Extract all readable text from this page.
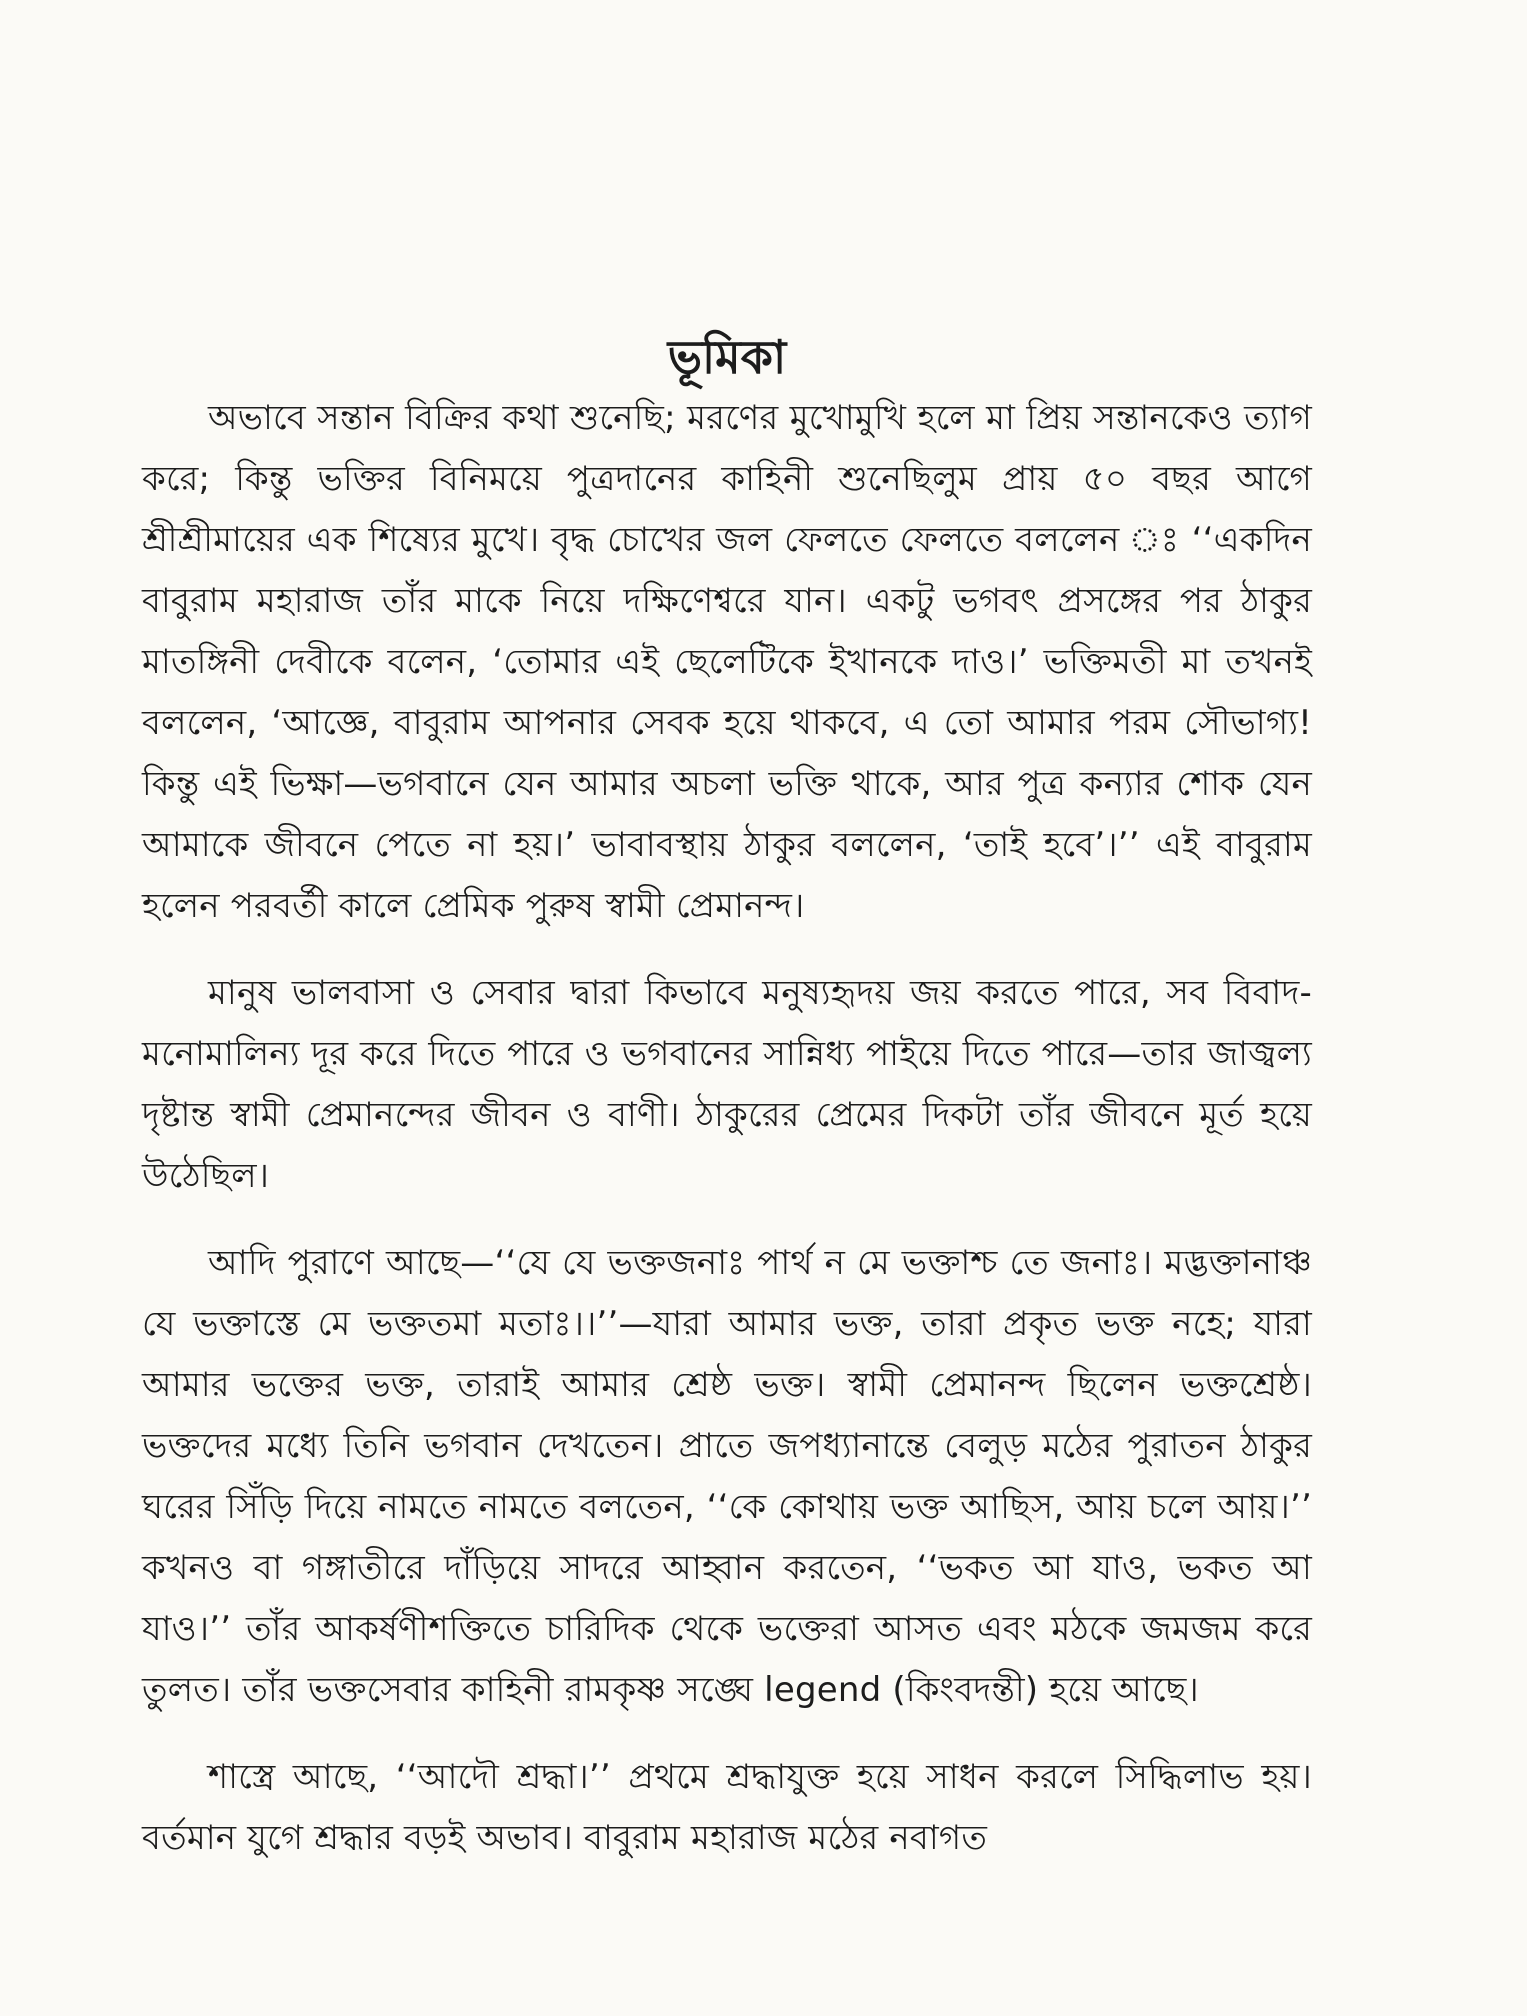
ভূমিকা

অভাবে সন্তান বিক্রির কথা শুনেছি; মরণের মুখোমুখি হলে মা প্রিয় সন্তানকেও ত্যাগ করে; কিন্তু ভক্তির বিনিময়ে পুত্রদানের কাহিনী শুনেছিলুম প্রায় ৫০ বছর আগে শ্রীশ্রীমায়ের এক শিষ্যের মুখে। বৃদ্ধ চোখের জল ফেলতে ফেলতে বললেন ঃ ‘‘একদিন বাবুরাম মহারাজ তাঁর মাকে নিয়ে দক্ষিণেশ্বরে যান। একটু ভগবৎ প্রসঙ্গের পর ঠাকুর মাতঙ্গিনী দেবীকে বলেন, ‘তোমার এই ছেলেটিকে ইখানকে দাও।’ ভক্তিমতী মা তখনই বললেন, ‘আজ্ঞে, বাবুরাম আপনার সেবক হয়ে থাকবে, এ তো আমার পরম সৌভাগ্য! কিন্তু এই ভিক্ষা—ভগবানে যেন আমার অচলা ভক্তি থাকে, আর পুত্র কন্যার শোক যেন আমাকে জীবনে পেতে না হয়।’ ভাবাবস্থায় ঠাকুর বললেন, ‘তাই হবে’।’’ এই বাবুরাম হলেন পরবর্তী কালে প্রেমিক পুরুষ স্বামী প্রেমানন্দ।

মানুষ ভালবাসা ও সেবার দ্বারা কিভাবে মনুষ্যহৃদয় জয় করতে পারে, সব বিবাদ-মনোমালিন্য দূর করে দিতে পারে ও ভগবানের সান্নিধ্য পাইয়ে দিতে পারে—তার জাজ্বল্য দৃষ্টান্ত স্বামী প্রেমানন্দের জীবন ও বাণী। ঠাকুরের প্রেমের দিকটা তাঁর জীবনে মূর্ত হয়ে উঠেছিল।

আদি পুরাণে আছে—‘‘যে যে ভক্তজনাঃ পার্থ ন মে ভক্তাশ্চ তে জনাঃ। মদ্ভক্তানাঞ্চ যে ভক্তাস্তে মে ভক্ততমা মতাঃ।।’’—যারা আমার ভক্ত, তারা প্রকৃত ভক্ত নহে; যারা আমার ভক্তের ভক্ত, তারাই আমার শ্রেষ্ঠ ভক্ত। স্বামী প্রেমানন্দ ছিলেন ভক্তশ্রেষ্ঠ। ভক্তদের মধ্যে তিনি ভগবান দেখতেন। প্রাতে জপধ্যানান্তে বেলুড় মঠের পুরাতন ঠাকুর ঘরের সিঁড়ি দিয়ে নামতে নামতে বলতেন, ‘‘কে কোথায় ভক্ত আছিস, আয় চলে আয়।’’ কখনও বা গঙ্গাতীরে দাঁড়িয়ে সাদরে আহ্বান করতেন, ‘‘ভকত আ যাও, ভকত আ যাও।’’ তাঁর আকর্ষণীশক্তিতে চারিদিক থেকে ভক্তেরা আসত এবং মঠকে জমজম করে তুলত। তাঁর ভক্তসেবার কাহিনী রামকৃষ্ণ সঙ্ঘে legend (কিংবদন্তী) হয়ে আছে।

শাস্ত্রে আছে, ‘‘আদৌ শ্রদ্ধা।’’ প্রথমে শ্রদ্ধাযুক্ত হয়ে সাধন করলে সিদ্ধিলাভ হয়। বর্তমান যুগে শ্রদ্ধার বড়ই অভাব। বাবুরাম মহারাজ মঠের নবাগত
